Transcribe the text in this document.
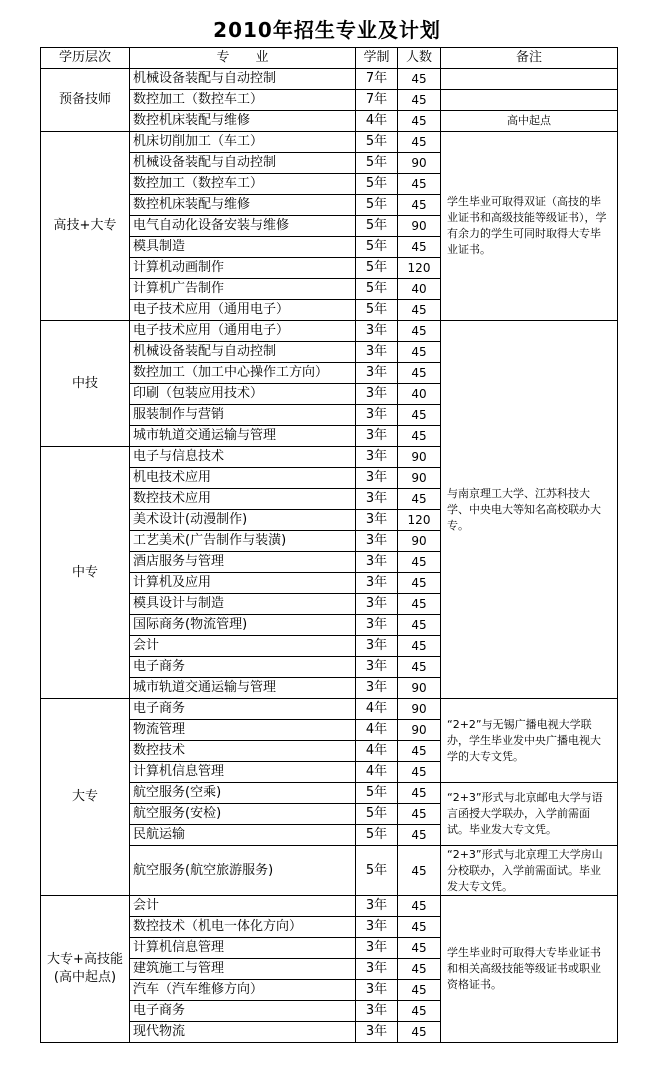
2010年招生专业及计划
学历层次	专　　业	学制	人数	备注
预备技师	机械设备装配与自动控制	7年	45	
	数控加工（数控车工）	7年	45	
	数控机床装配与维修	4年	45	高中起点
高技+大专	机床切削加工（车工）	5年	45	学生毕业可取得双证（高技的毕业证书和高级技能等级证书），学有余力的学生可同时取得大专毕业证书。
	机械设备装配与自动控制	5年	90	
	数控加工（数控车工）	5年	45	
	数控机床装配与维修	5年	45	
	电气自动化设备安装与维修	5年	90	
	模具制造	5年	45	
	计算机动画制作	5年	120	
	计算机广告制作	5年	40	
	电子技术应用（通用电子）	5年	45	
中技	电子技术应用（通用电子）	3年	45	与南京理工大学、江苏科技大学、中央电大等知名高校联办大专。
	机械设备装配与自动控制	3年	45	
	数控加工（加工中心操作工方向）	3年	45	
	印刷（包装应用技术）	3年	40	
	服装制作与营销	3年	45	
	城市轨道交通运输与管理	3年	45	
中专	电子与信息技术	3年	90	
	机电技术应用	3年	90	
	数控技术应用	3年	45	
	美术设计(动漫制作)	3年	120	
	工艺美术(广告制作与装潢)	3年	90	
	酒店服务与管理	3年	45	
	计算机及应用	3年	45	
	模具设计与制造	3年	45	
	国际商务(物流管理)	3年	45	
	会计	3年	45	
	电子商务	3年	45	
	城市轨道交通运输与管理	3年	90	
大专	电子商务	4年	90	“2+2”与无锡广播电视大学联办，学生毕业发中央广播电视大学的大专文凭。
	物流管理	4年	90	
	数控技术	4年	45	
	计算机信息管理	4年	45	
	航空服务(空乘)	5年	45	“2+3”形式与北京邮电大学与语言函授大学联办，入学前需面试。毕业发大专文凭。
	航空服务(安检)	5年	45	
	民航运输	5年	45	
	航空服务(航空旅游服务)	5年	45	“2+3”形式与北京理工大学房山分校联办，入学前需面试。毕业发大专文凭。
大专+高技能(高中起点)	会计	3年	45	学生毕业时可取得大专毕业证书和相关高级技能等级证书或职业资格证书。
	数控技术（机电一体化方向）	3年	45	
	计算机信息管理	3年	45	
	建筑施工与管理	3年	45	
	汽车（汽车维修方向）	3年	45	
	电子商务	3年	45	
	现代物流	3年	45	
